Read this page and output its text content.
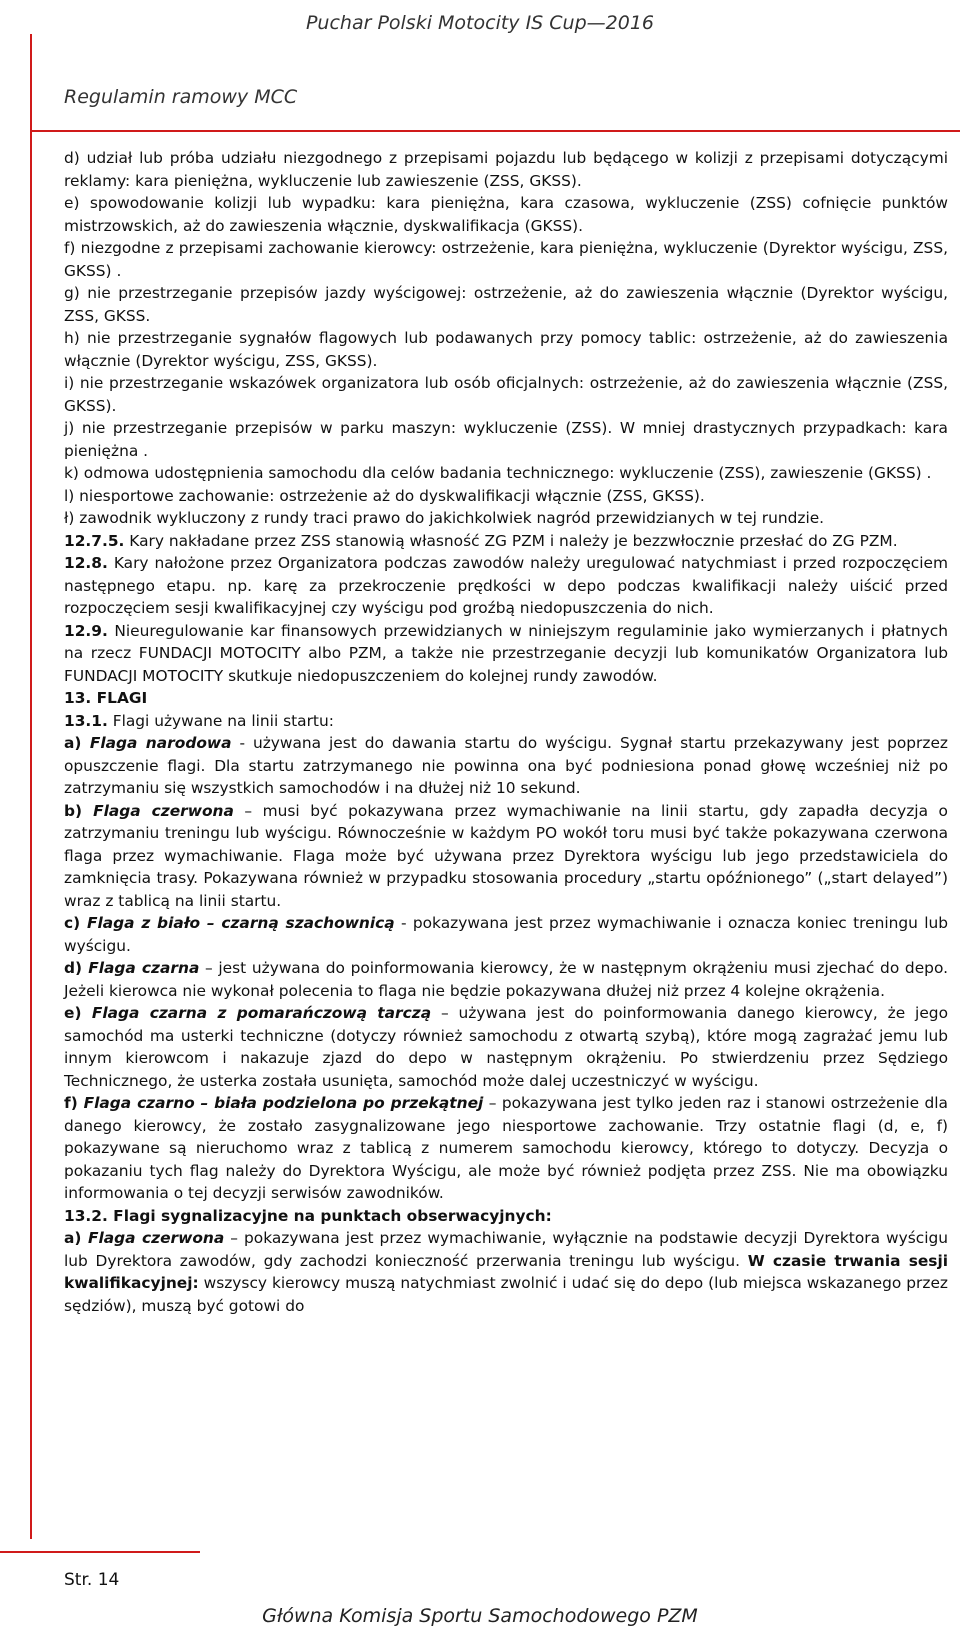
Puchar Polski Motocity IS Cup—2016
Regulamin ramowy MCC

d) udział lub próba udziału niezgodnego z przepisami pojazdu lub będącego w kolizji z przepisami dotyczącymi reklamy: kara pieniężna, wykluczenie lub zawieszenie (ZSS, GKSS).

e) spowodowanie kolizji lub wypadku: kara pieniężna, kara czasowa, wykluczenie (ZSS) cofnięcie punktów mistrzowskich, aż do zawieszenia włącznie, dyskwalifikacja (GKSS).

f) niezgodne z przepisami zachowanie kierowcy: ostrzeżenie, kara pieniężna, wykluczenie (Dyrektor wyścigu, ZSS, GKSS) .

g) nie przestrzeganie przepisów jazdy wyścigowej: ostrzeżenie, aż do zawieszenia włącznie (Dyrektor wyścigu, ZSS, GKSS.

h) nie przestrzeganie sygnałów flagowych lub podawanych przy pomocy tablic: ostrzeżenie, aż do zawieszenia włącznie (Dyrektor wyścigu, ZSS, GKSS).

i) nie przestrzeganie wskazówek organizatora lub osób oficjalnych: ostrzeżenie, aż do zawieszenia włącznie (ZSS, GKSS).

j) nie przestrzeganie przepisów w parku maszyn: wykluczenie (ZSS). W mniej drastycznych przypadkach: kara pieniężna .

k) odmowa udostępnienia samochodu dla celów badania technicznego: wykluczenie (ZSS), zawieszenie (GKSS) .

l) niesportowe zachowanie: ostrzeżenie aż do dyskwalifikacji włącznie (ZSS, GKSS).

ł) zawodnik wykluczony z rundy traci prawo do jakichkolwiek nagród przewidzianych w tej rundzie.

12.7.5. Kary nakładane przez ZSS stanowią własność ZG PZM i należy je bezzwłocznie przesłać do ZG PZM.

12.8. Kary nałożone przez Organizatora podczas zawodów należy uregulować natychmiast i przed rozpoczęciem następnego etapu. np. karę za przekroczenie prędkości w depo podczas kwalifikacji należy uiścić przed rozpoczęciem sesji kwalifikacyjnej czy wyścigu pod groźbą niedopuszczenia do nich.

12.9. Nieuregulowanie kar finansowych przewidzianych w niniejszym regulaminie jako wymierzanych i płatnych na rzecz FUNDACJI MOTOCITY albo PZM, a także nie przestrzeganie decyzji lub komunikatów Organizatora lub FUNDACJI MOTOCITY skutkuje niedopuszczeniem do kolejnej rundy zawodów.

13. FLAGI

13.1. Flagi używane na linii startu:

a) Flaga narodowa - używana jest do dawania startu do wyścigu. Sygnał startu przekazywany jest poprzez opuszczenie flagi. Dla startu zatrzymanego nie powinna ona być podniesiona ponad głowę wcześniej niż po zatrzymaniu się wszystkich samochodów i na dłużej niż 10 sekund.

b) Flaga czerwona – musi być pokazywana przez wymachiwanie na linii startu, gdy zapadła decyzja o zatrzymaniu treningu lub wyścigu. Równocześnie w każdym PO wokół toru musi być także pokazywana czerwona flaga przez wymachiwanie. Flaga może być używana przez Dyrektora wyścigu lub jego przedstawiciela do zamknięcia trasy. Pokazywana również w przypadku stosowania procedury „startu opóźnionego” („start delayed”) wraz z tablicą na linii startu.

c) Flaga z biało – czarną szachownicą - pokazywana jest przez wymachiwanie i oznacza koniec treningu lub wyścigu.

d) Flaga czarna – jest używana do poinformowania kierowcy, że w następnym okrążeniu musi zjechać do depo. Jeżeli kierowca nie wykonał polecenia to flaga nie będzie pokazywana dłużej niż przez 4 kolejne okrążenia.

e) Flaga czarna z pomarańczową tarczą – używana jest do poinformowania danego kierowcy, że jego samochód ma usterki techniczne (dotyczy również samochodu z otwartą szybą), które mogą zagrażać jemu lub innym kierowcom i nakazuje zjazd do depo w następnym okrążeniu. Po stwierdzeniu przez Sędziego Technicznego, że usterka została usunięta, samochód może dalej uczestniczyć w wyścigu.

f) Flaga czarno – biała podzielona po przekątnej – pokazywana jest tylko jeden raz i stanowi ostrzeżenie dla danego kierowcy, że zostało zasygnalizowane jego niesportowe zachowanie. Trzy ostatnie flagi (d, e, f) pokazywane są nieruchomo wraz z tablicą z numerem samochodu kierowcy, którego to dotyczy. Decyzja o pokazaniu tych flag należy do Dyrektora Wyścigu, ale może być również podjęta przez ZSS. Nie ma obowiązku informowania o tej decyzji serwisów zawodników.

13.2. Flagi sygnalizacyjne na punktach obserwacyjnych:

a) Flaga czerwona – pokazywana jest przez wymachiwanie, wyłącznie na podstawie decyzji Dyrektora wyścigu lub Dyrektora zawodów, gdy zachodzi konieczność przerwania treningu lub wyścigu. W czasie trwania sesji kwalifikacyjnej: wszyscy kierowcy muszą natychmiast zwolnić i udać się do depo (lub miejsca wskazanego przez sędziów), muszą być gotowi do

Str. 14
Główna Komisja Sportu Samochodowego PZM
